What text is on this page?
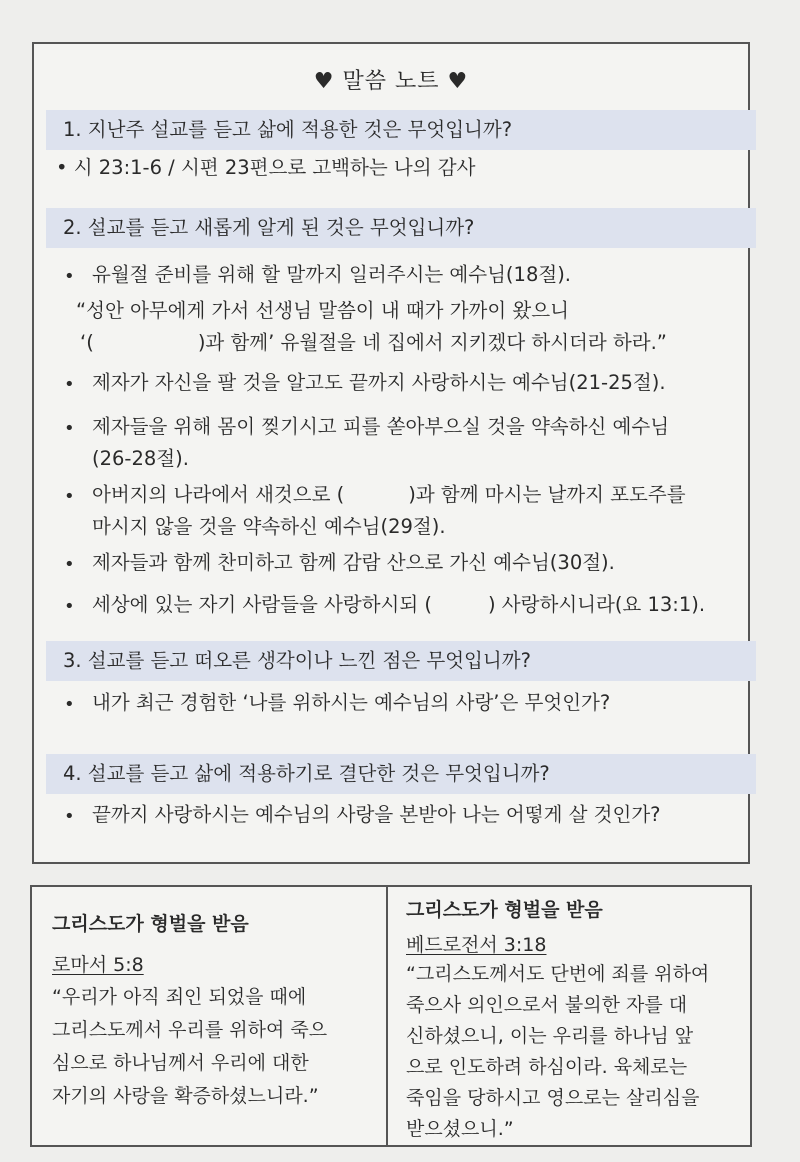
♥ 말씀 노트 ♥
1. 지난주 설교를 듣고 삶에 적용한 것은 무엇입니까?
• 시 23:1-6 / 시편 23편으로 고백하는 나의 감사
2. 설교를 듣고 새롭게 알게 된 것은 무엇입니까?
• 유월절 준비를 위해 할 말까지 일러주시는 예수님(18절).
“성안 아무에게 가서 선생님 말씀이 내 때가 가까이 왔으니
‘(	)과 함께’ 유월절을 네 집에서 지키겠다 하시더라 하라.”
• 제자가 자신을 팔 것을 알고도 끝까지 사랑하시는 예수님(21-25절).
• 제자들을 위해 몸이 찢기시고 피를 쏟아부으실 것을 약속하신 예수님
(26-28절).
• 아버지의 나라에서 새것으로 (	)과 함께 마시는 날까지 포도주를
마시지 않을 것을 약속하신 예수님(29절).
• 제자들과 함께 찬미하고 함께 감람 산으로 가신 예수님(30절).
• 세상에 있는 자기 사람들을 사랑하시되 (	) 사랑하시니라(요 13:1).
3. 설교를 듣고 떠오른 생각이나 느낀 점은 무엇입니까?
• 내가 최근 경험한 ‘나를 위하시는 예수님의 사랑’은 무엇인가?
4. 설교를 듣고 삶에 적용하기로 결단한 것은 무엇입니까?
• 끝까지 사랑하시는 예수님의 사랑을 본받아 나는 어떻게 살 것인가?
그리스도가 형벌을 받음
로마서 5:8
“우리가 아직 죄인 되었을 때에
그리스도께서 우리를 위하여 죽으
심으로 하나님께서 우리에 대한
자기의 사랑을 확증하셨느니라.”
그리스도가 형벌을 받음
베드로전서 3:18
“그리스도께서도 단번에 죄를 위하여
죽으사 의인으로서 불의한 자를 대
신하셨으니, 이는 우리를 하나님 앞
으로 인도하려 하심이라. 육체로는
죽임을 당하시고 영으로는 살리심을
받으셨으니.”
